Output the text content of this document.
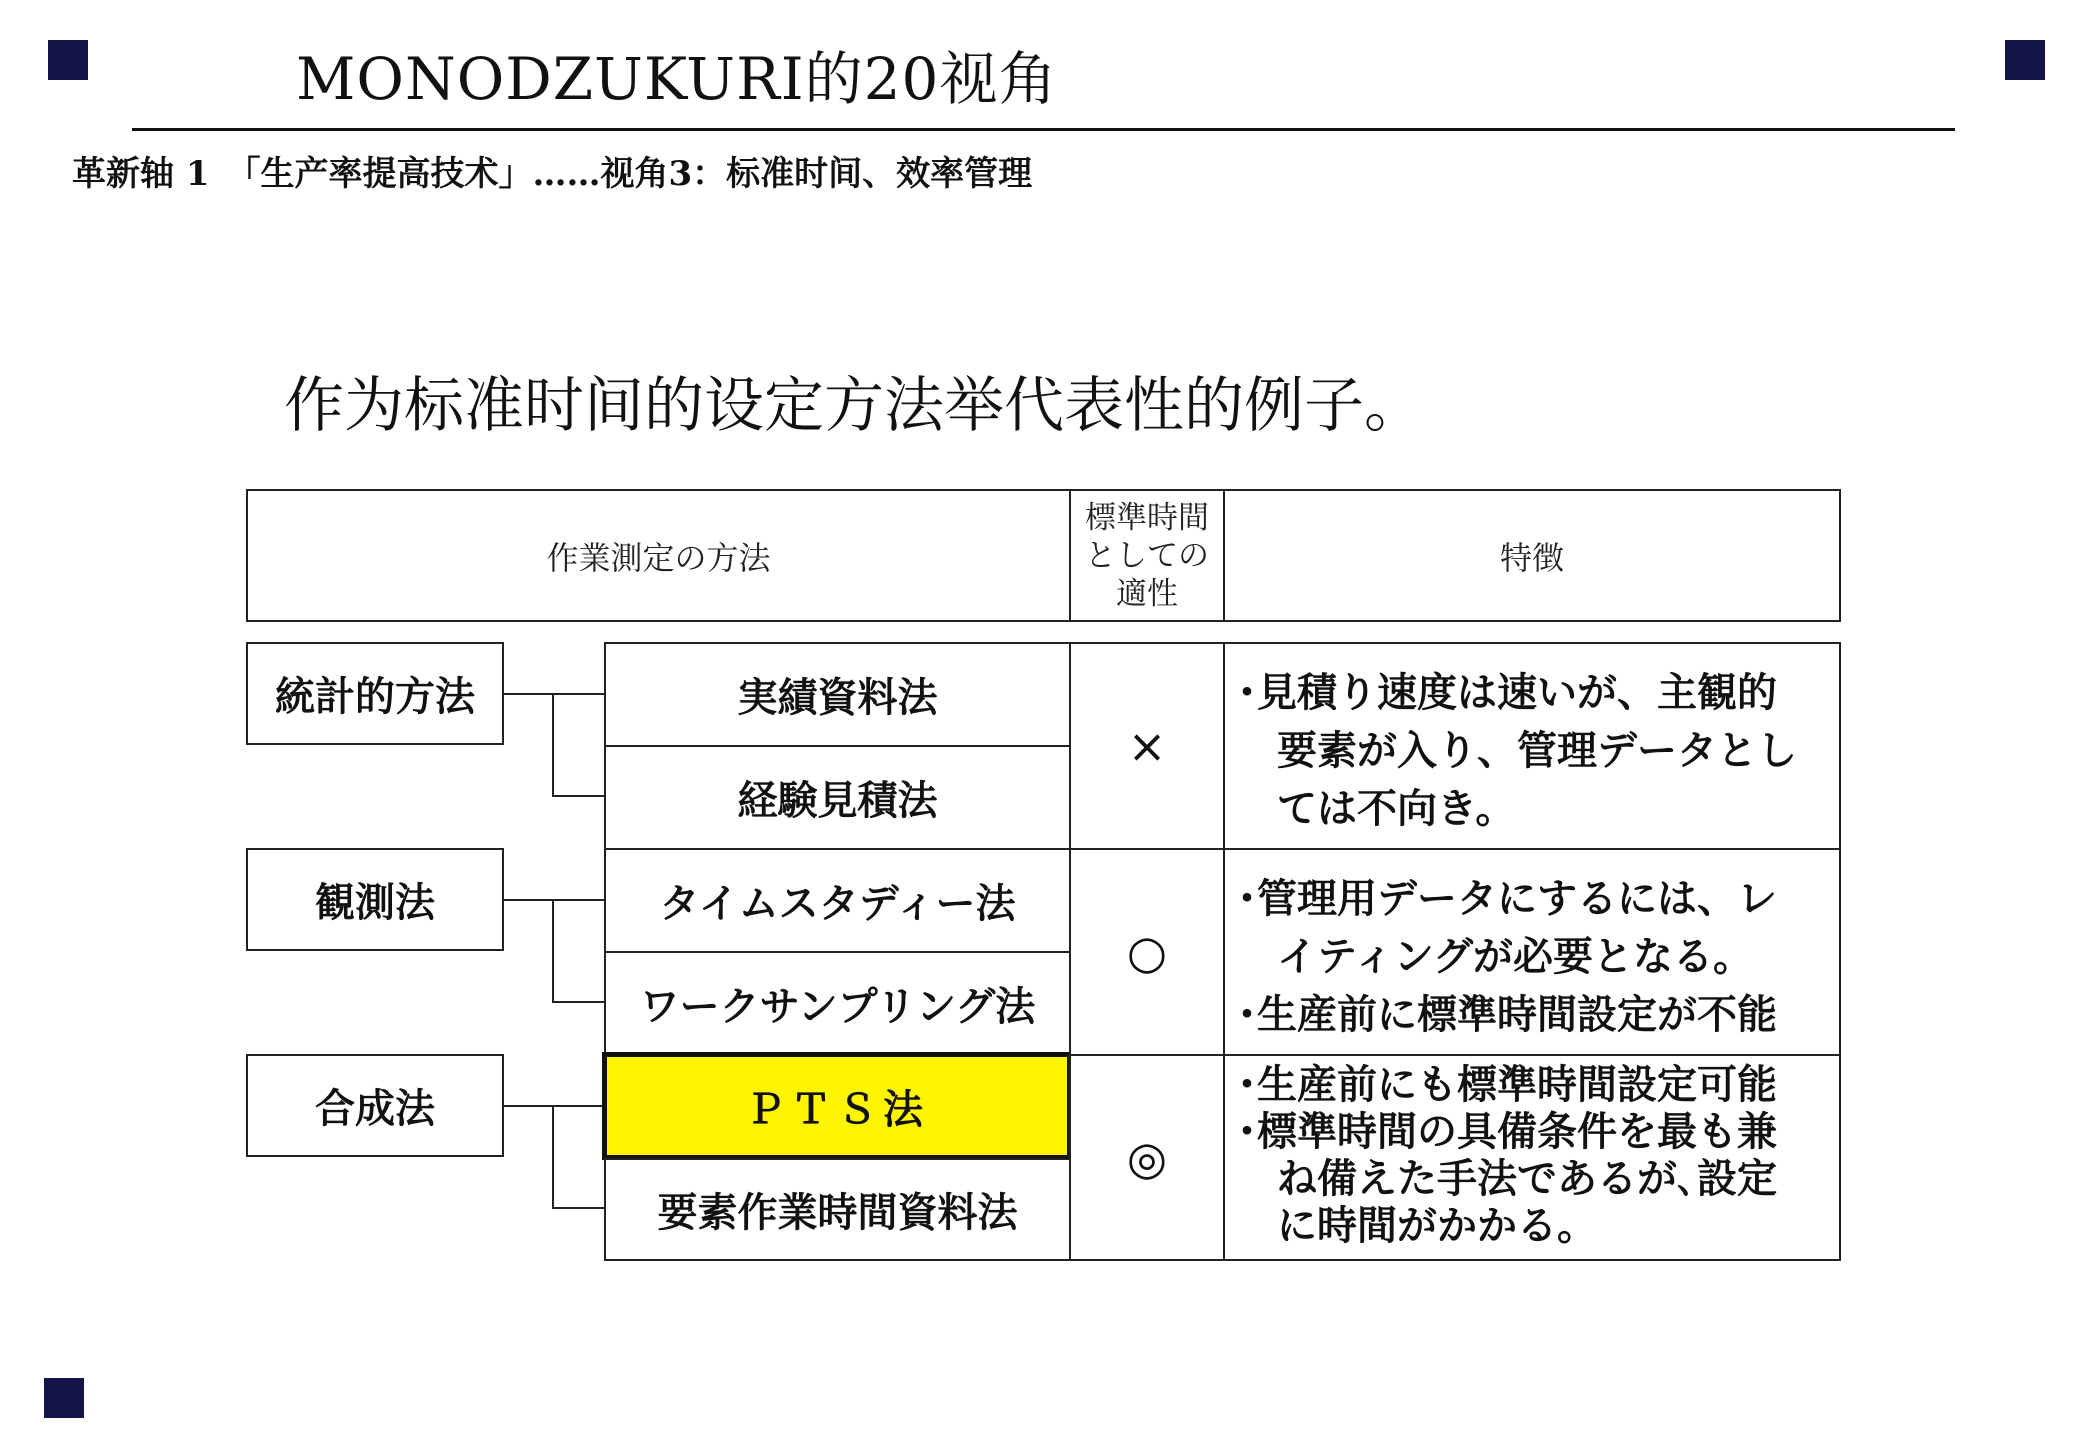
MONODZUKURI的20视角
革新轴 1　「生产率提高技术」……视角3：标准时间、效率管理
作为标准时间的设定方法举代表性的例子。
作業測定の方法
標準時間
としての
適性
特徴
統計的方法
観測法
合成法
実績資料法
経験見積法
タイムスタディー法
ワークサンプリング法
ＰＴＳ法
要素作業時間資料法
×
○
◎

･見積り速度は速いが、主観的

　要素が入り、管理データとし

　ては不向き。

･管理用データにするには、レ

　イティングが必要となる。

･生産前に標準時間設定が不能

･生産前にも標準時間設定可能

･標準時間の具備条件を最も兼

　ね備えた手法であるが､設定

　に時間がかかる。
